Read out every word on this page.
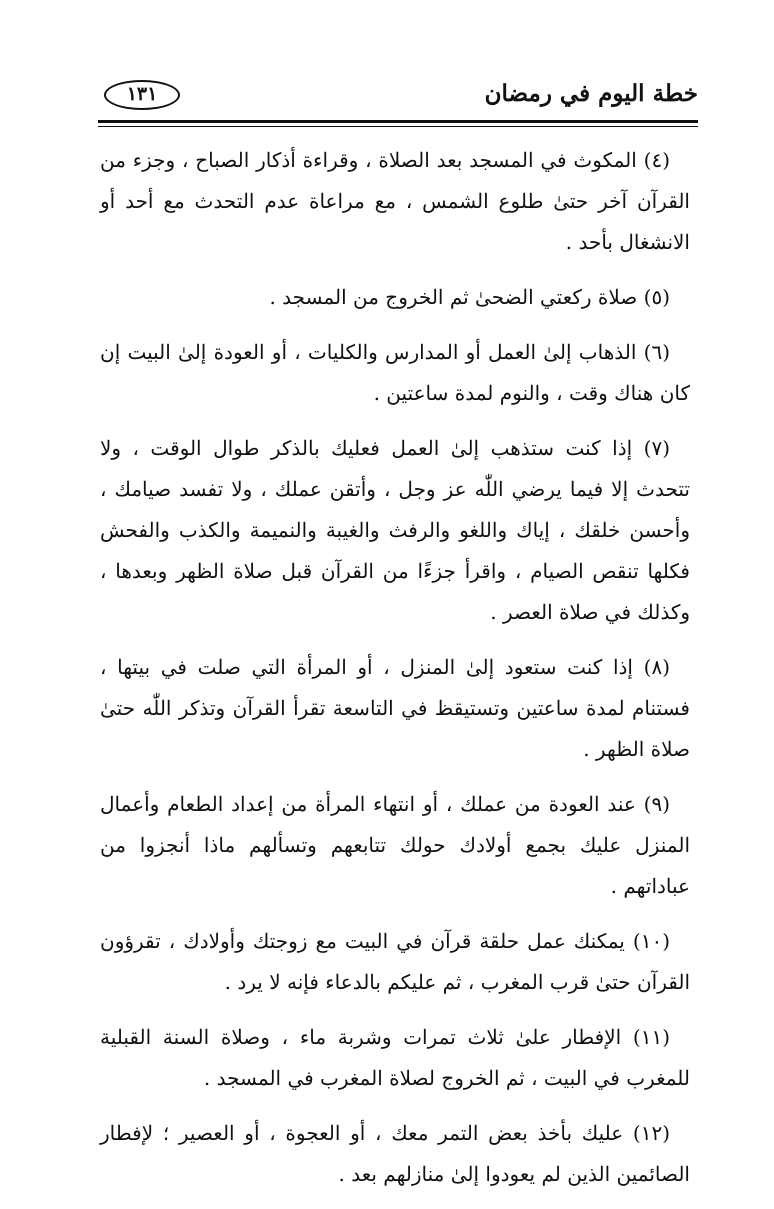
خطة اليوم في رمضان
١٣١

(٤) المكوث في المسجد بعد الصلاة ، وقراءة أذكار الصباح ، وجزء من القرآن آخر حتىٰ طلوع الشمس ، مع مراعاة عدم التحدث مع أحد أو الانشغال بأحد .

(٥) صلاة ركعتي الضحىٰ ثم الخروج من المسجد .

(٦) الذهاب إلىٰ العمل أو المدارس والكليات ، أو العودة إلىٰ البيت إن كان هناك وقت ، والنوم لمدة ساعتين .

(٧) إذا كنت ستذهب إلىٰ العمل فعليك بالذكر طوال الوقت ، ولا تتحدث إلا فيما يرضي اللّٰه عز وجل ، وأتقن عملك ، ولا تفسد صيامك ، وأحسن خلقك ، إياك واللغو والرفث والغيبة والنميمة والكذب والفحش فكلها تنقص الصيام ، واقرأ جزءًا من القرآن قبل صلاة الظهر وبعدها ، وكذلك في صلاة العصر .

(٨) إذا كنت ستعود إلىٰ المنزل ، أو المرأة التي صلت في بيتها ، فستنام لمدة ساعتين وتستيقظ في التاسعة تقرأ القرآن وتذكر اللّٰه حتىٰ صلاة الظهر .

(٩) عند العودة من عملك ، أو انتهاء المرأة من إعداد الطعام وأعمال المنزل عليك بجمع أولادك حولك تتابعهم وتسألهم ماذا أنجزوا من عباداتهم .

(١٠) يمكنك عمل حلقة قرآن في البيت مع زوجتك وأولادك ، تقرؤون القرآن حتىٰ قرب المغرب ، ثم عليكم بالدعاء فإنه لا يرد .

(١١) الإفطار علىٰ ثلاث تمرات وشربة ماء ، وصلاة السنة القبلية للمغرب في البيت ، ثم الخروج لصلاة المغرب في المسجد .

(١٢) عليك بأخذ بعض التمر معك ، أو العجوة ، أو العصير ؛ لإفطار الصائمين الذين لم يعودوا إلىٰ منازلهم بعد .
